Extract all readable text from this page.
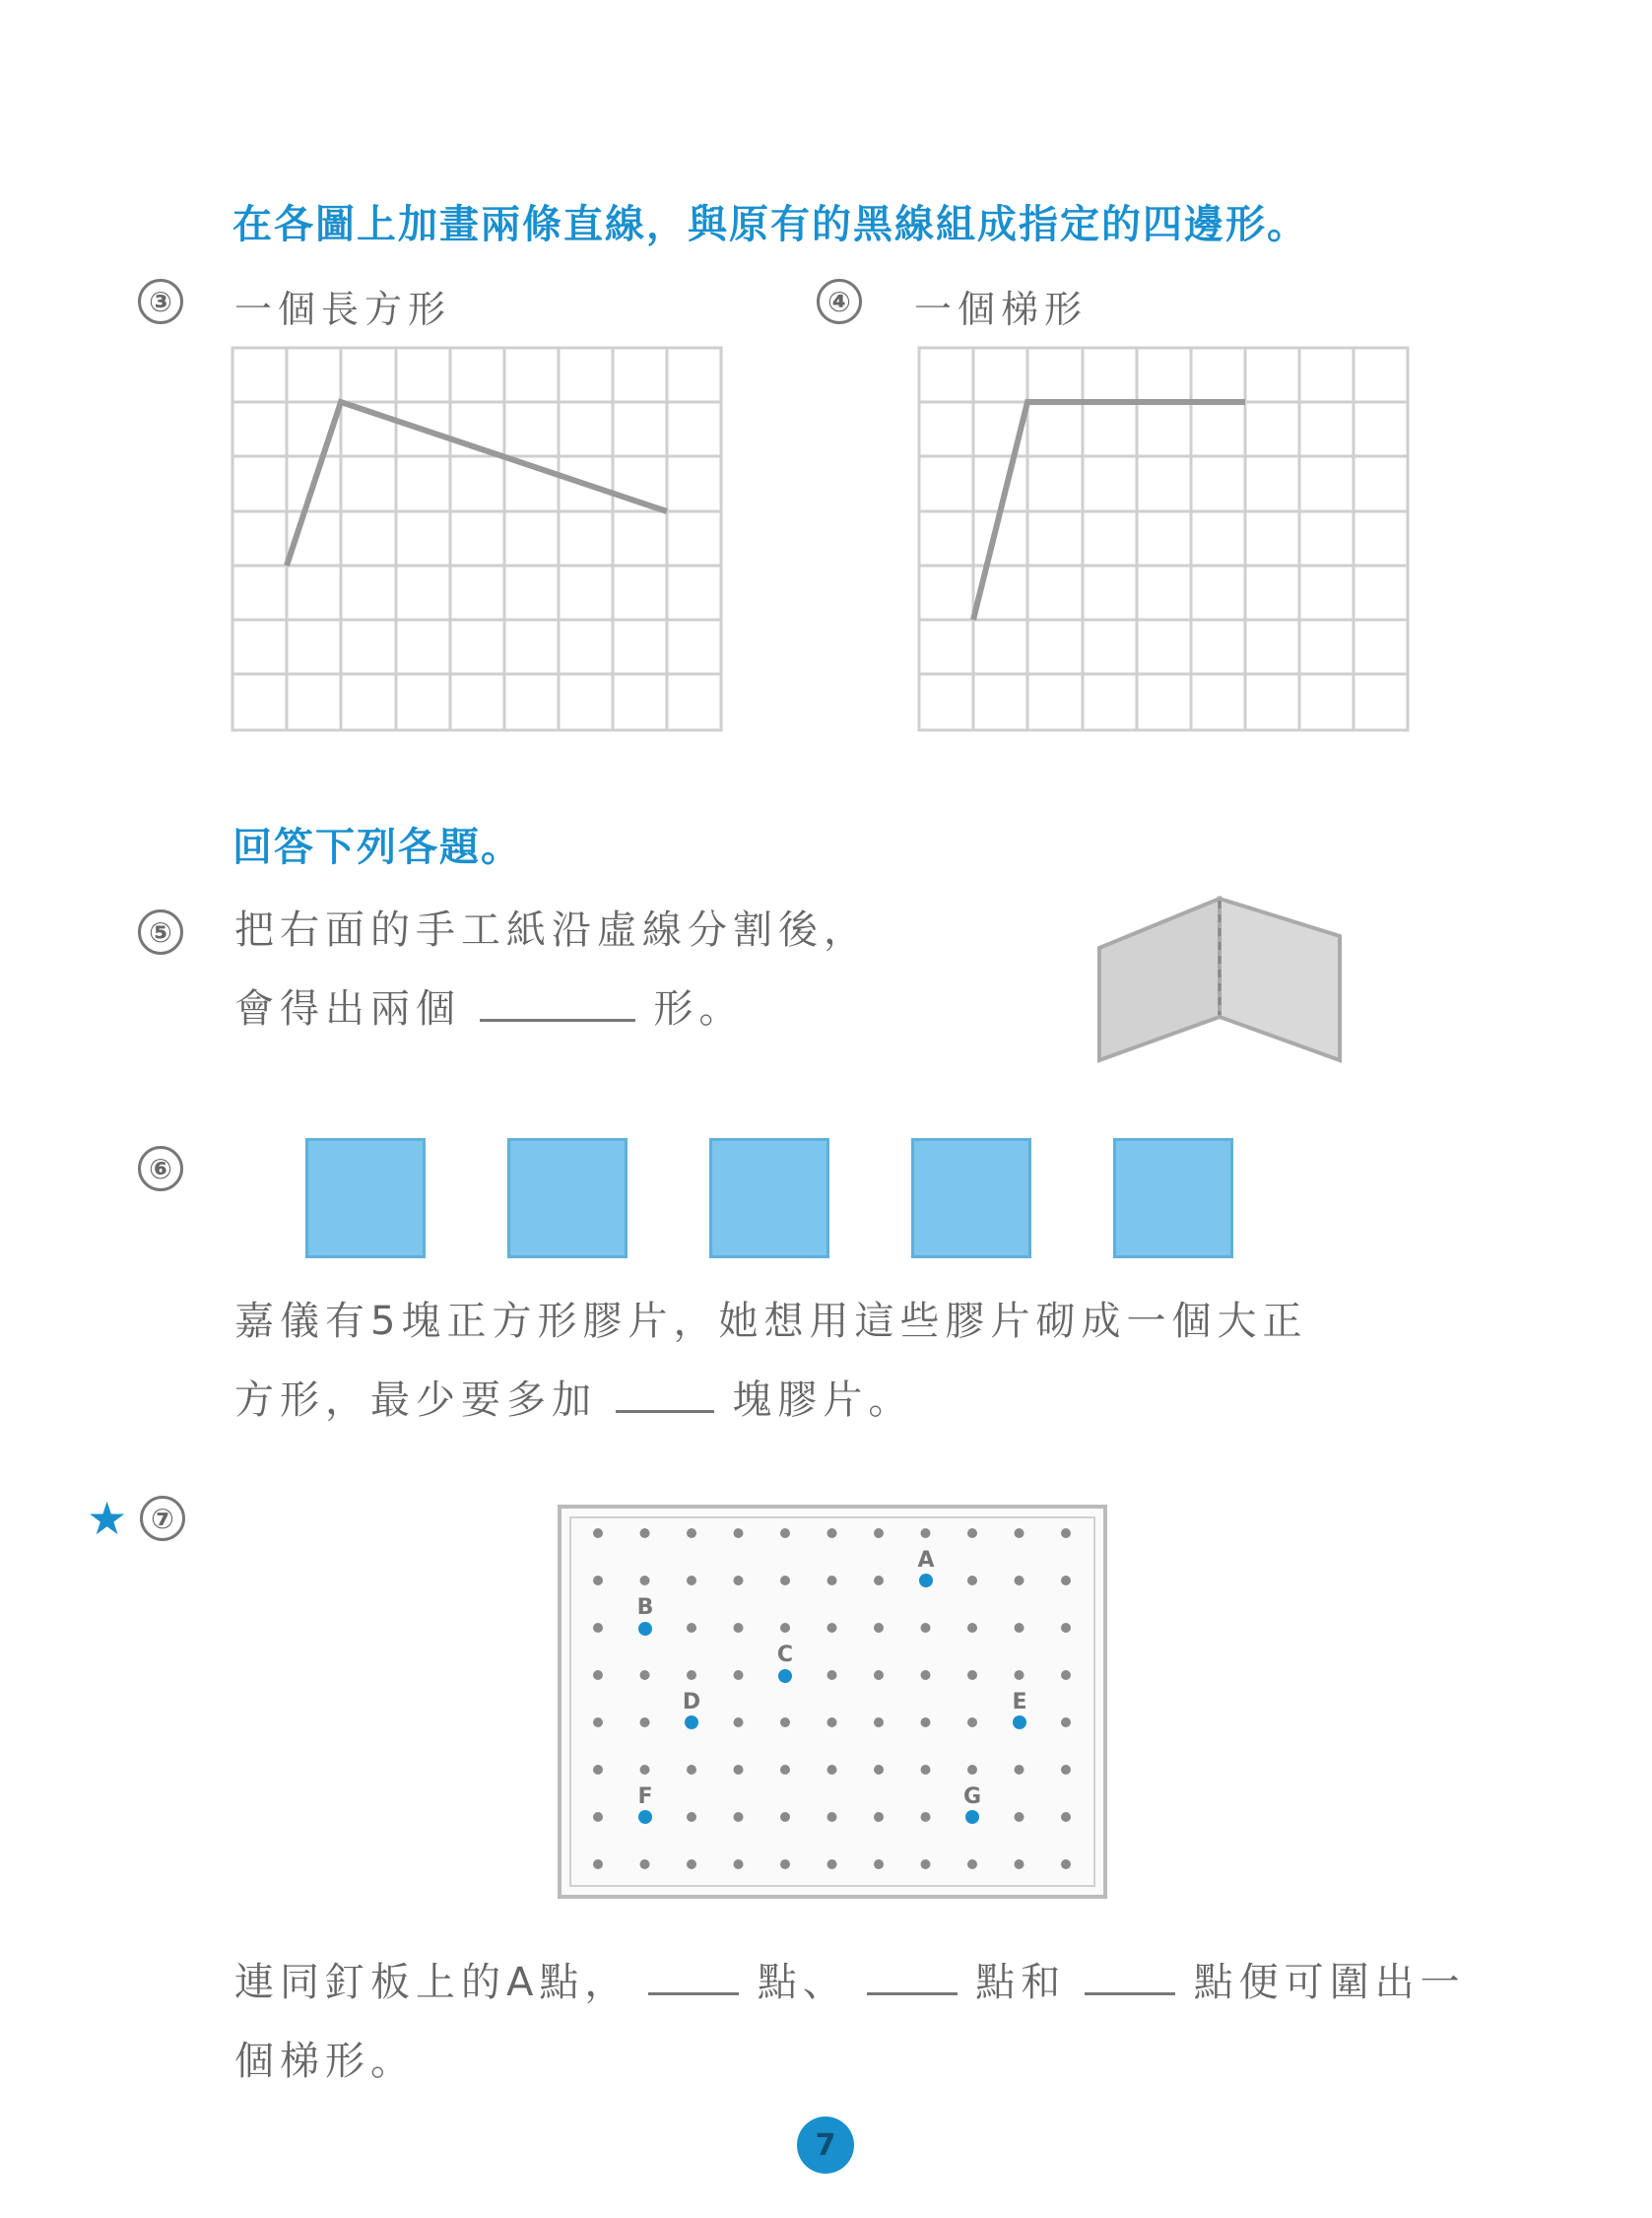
在各圖上加畫兩條直線，與原有的黑線組成指定的四邊形。
③ 一個長方形	④ 一個梯形
回答下列各題。
⑤ 把右面的手工紙沿虛線分割後，
會得出兩個	形。
⑥
嘉儀有5塊正方形膠片，她想用這些膠片砌成一個大正
方形，最少要多加	塊膠片。
★ ⑦
A
B
C
D	E
F	G
連同釘板上的A點，	點、	點和	點便可圍出一
個梯形。
7
